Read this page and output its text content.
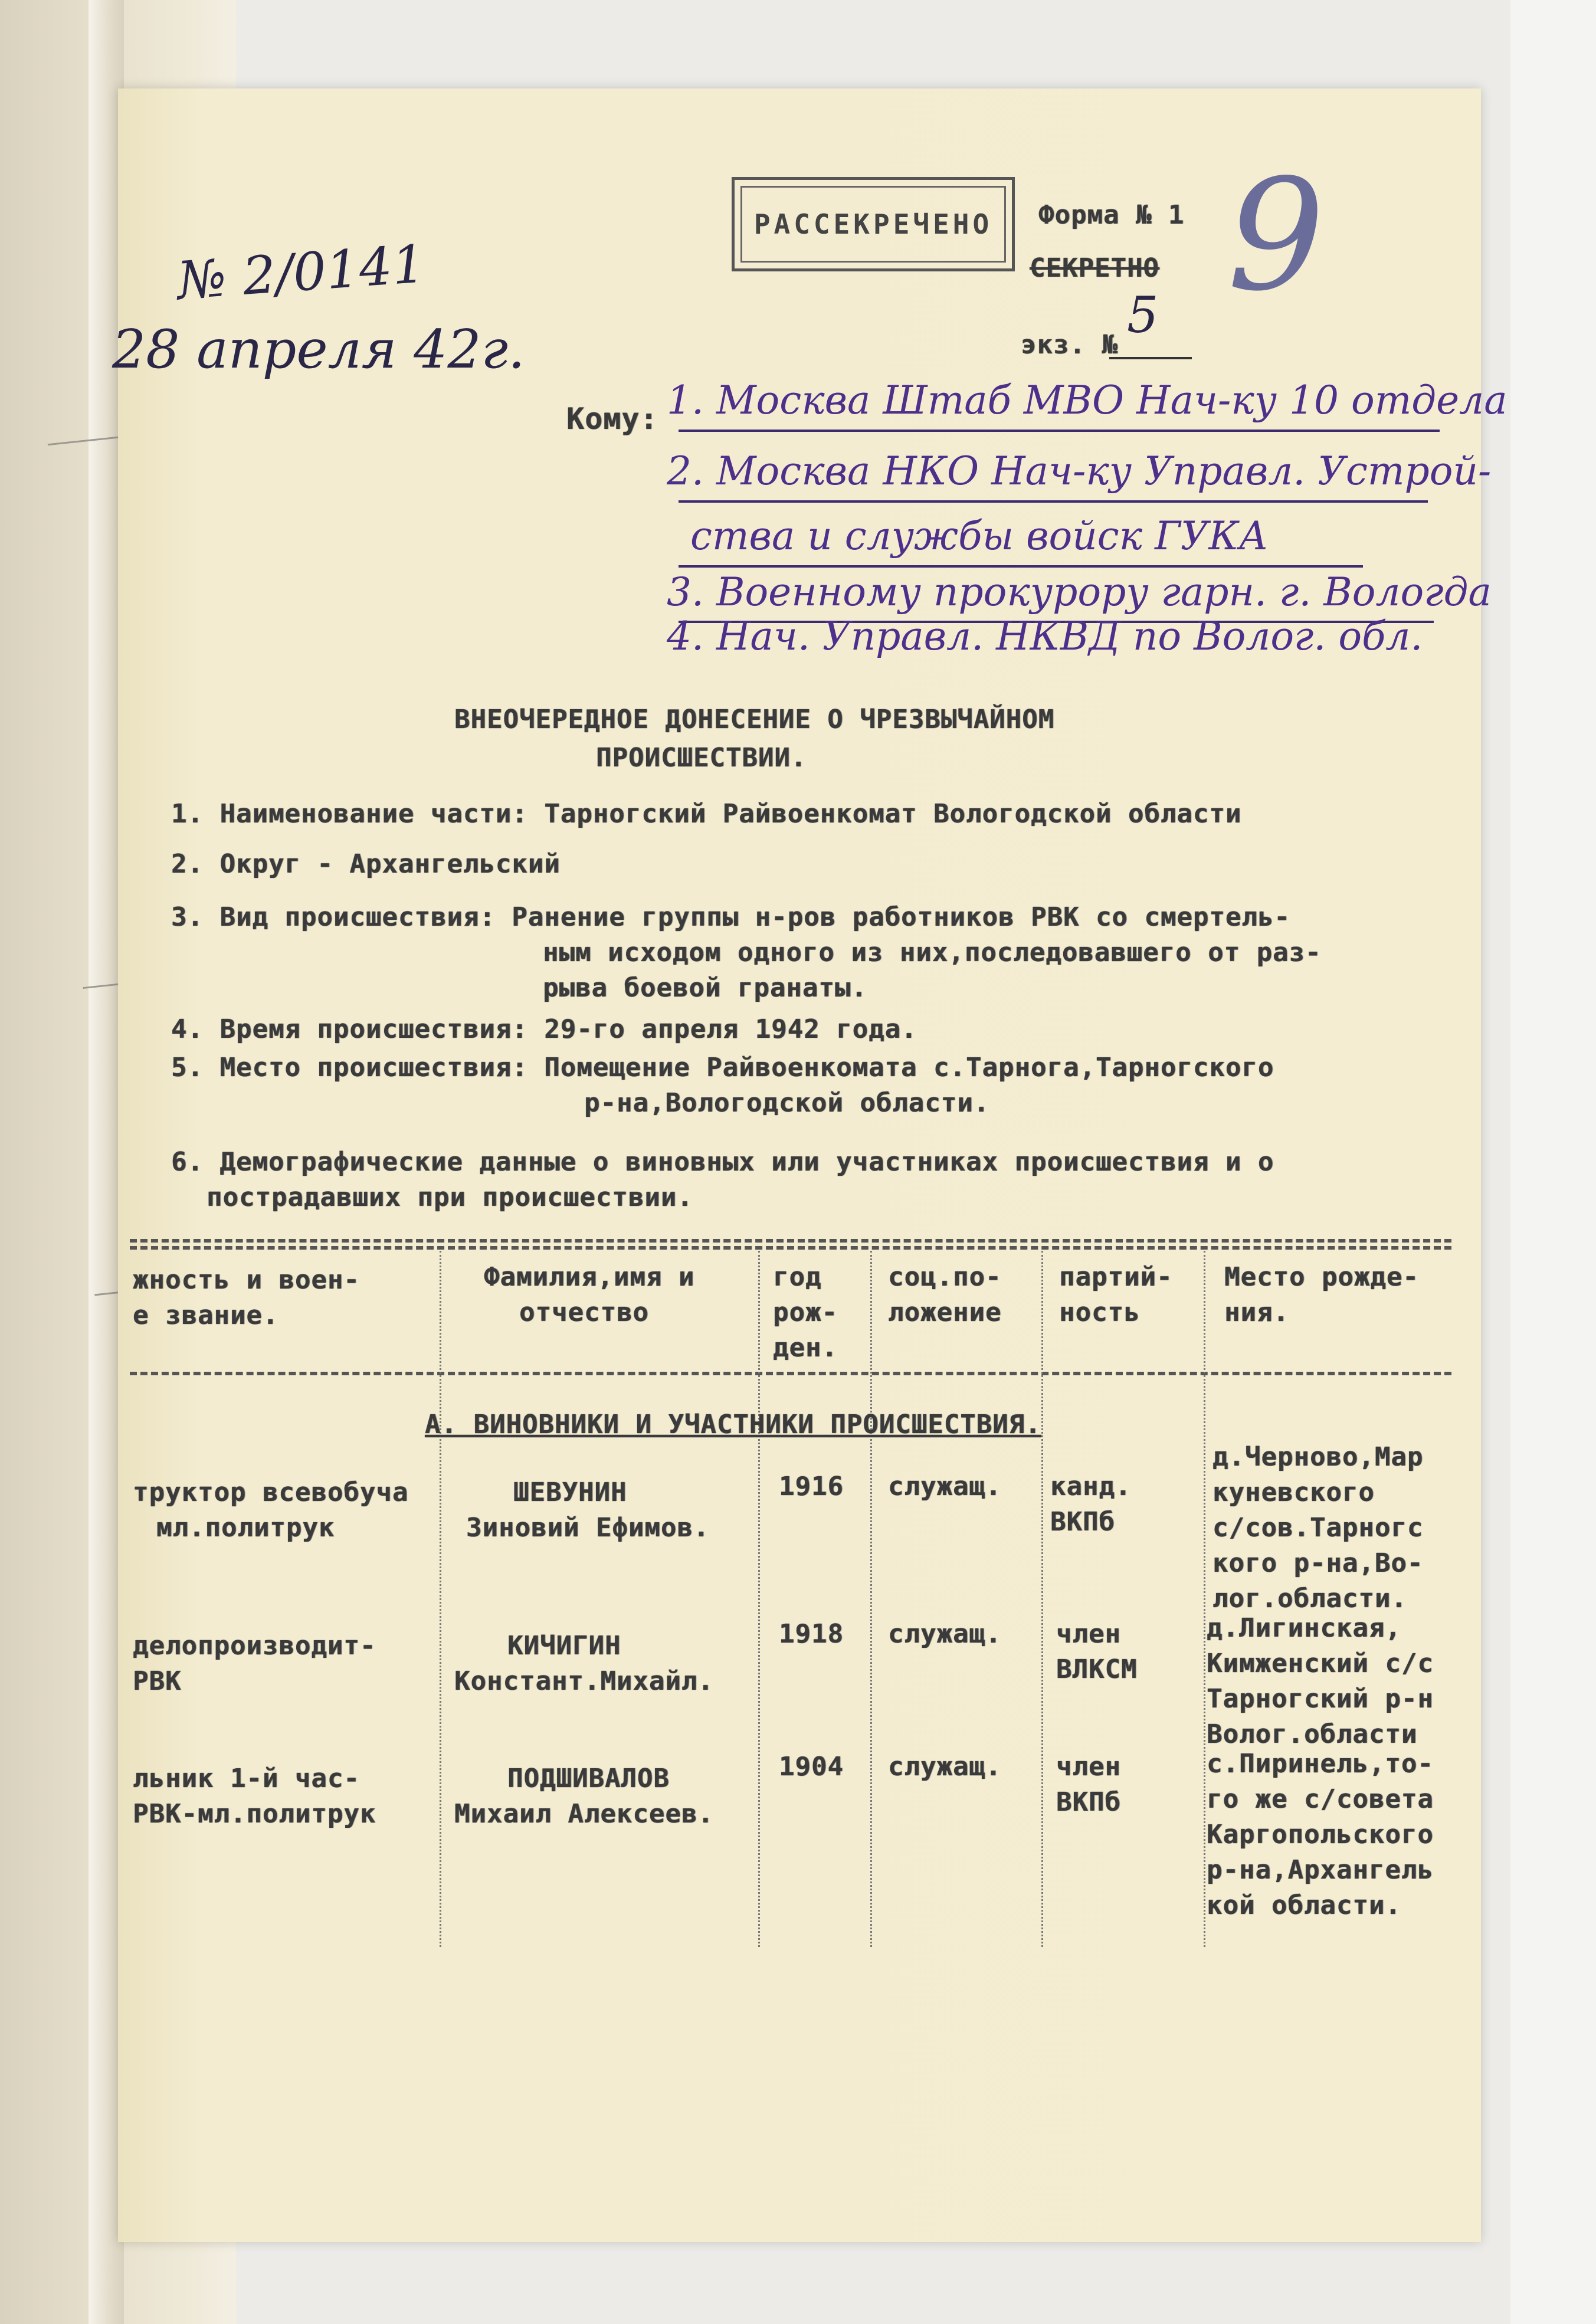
РАССЕКРЕЧЕНО	Форма № 1
СЕКРЕТНО
экз. №
5 9
№ 2/0141
28 апреля 42г.
Кому: 1. Москва Штаб МВО Нач-ку 10 отдела
2. Москва НКО Нач-ку Управл. Устрой-
ства и службы войск ГУКА
3. Военному прокурору гарн. г. Вологда
4. Нач. Управл. НКВД по Волог. обл.
ВНЕОЧЕРЕДНОЕ ДОНЕСЕНИЕ О ЧРЕЗВЫЧАЙНОМ
ПРОИСШЕСТВИИ.
1. Наименование части: Тарногский Райвоенкомат Вологодской области
2. Округ - Архангельский
3. Вид происшествия: Ранение группы н-ров работников РВК со смертель-
ным исходом одного из них,последовавшего от раз-
рыва боевой гранаты.
4. Время происшествия: 29-го апреля 1942 года.
5. Место происшествия: Помещение Райвоенкомата с.Тарнога,Тарногского
р-на,Вологодской области.
6. Демографические данные о виновных или участниках происшествия и о
пострадавших при происшествии.
жность и воен-
е звание.
Фамилия,имя и
отчество
год
рож-
ден.
соц.по-
ложение
партий-
ность
Место рожде-
ния.
А. ВИНОВНИКИ И УЧАСТНИКИ ПРОИСШЕСТВИЯ.
труктор всевобуча
мл.политрук
ШЕВУНИН
Зиновий Ефимов.
1916 служащ. канд.
ВКПб
д.Черново,Мар
куневского
с/сов.Тарногс
кого р-на,Во-
лог.области.
делопроизводит-
РВК
КИЧИГИН
Констант.Михайл.
1918 служащ. член
ВЛКСМ
д.Лигинская,
Кимженский с/с
Тарногский р-н
Волог.области
льник 1-й час-
РВК-мл.политрук
ПОДШИВАЛОВ
Михаил Алексеев.
1904 служащ. член
ВКПб
с.Пиринель,то-
го же с/совета
Каргопольского
р-на,Архангель
кой области.
